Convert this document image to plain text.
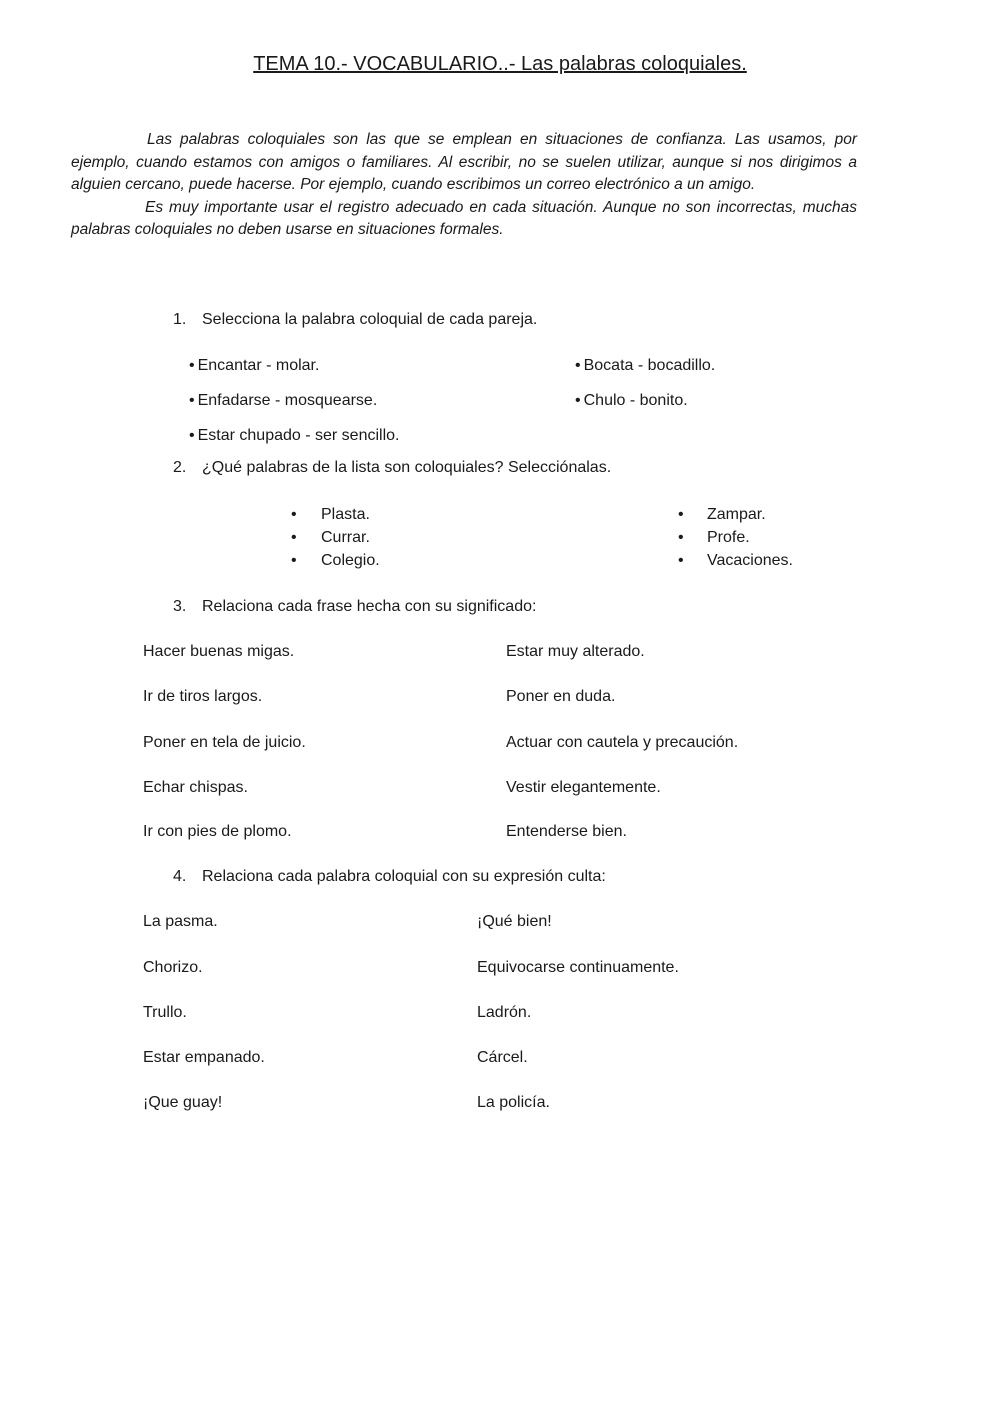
TEMA 10.- VOCABULARIO..- Las palabras coloquiales.

Las palabras coloquiales son las que se emplean en situaciones de confianza. Las usamos, por ejemplo, cuando estamos con amigos o familiares. Al escribir, no se suelen utilizar, aunque si nos dirigimos a alguien cercano, puede hacerse. Por ejemplo, cuando escribimos un correo electrónico a un amigo.

Es muy importante usar el registro adecuado en cada situación. Aunque no son incorrectas, muchas palabras coloquiales no deben usarse en situaciones formales.

1. Selecciona la palabra coloquial de cada pareja.
• Encantar - molar.	• Bocata - bocadillo.
• Enfadarse - mosquearse.	• Chulo - bonito.
• Estar chupado - ser sencillo.
2. ¿Qué palabras de la lista son coloquiales? Selecciónalas.
• Plasta.
• Currar.
• Colegio.
• Zampar.
• Profe.
• Vacaciones.
3. Relaciona cada frase hecha con su significado:
Hacer buenas migas.
Ir de tiros largos.
Poner en tela de juicio.
Echar chispas.
Ir con pies de plomo.
Estar muy alterado.
Poner en duda.
Actuar con cautela y precaución.
Vestir elegantemente.
Entenderse bien.
4. Relaciona cada palabra coloquial con su expresión culta:
La pasma.
Chorizo.
Trullo.
Estar empanado.
¡Que guay!
¡Qué bien!
Equivocarse continuamente.
Ladrón.
Cárcel.
La policía.
